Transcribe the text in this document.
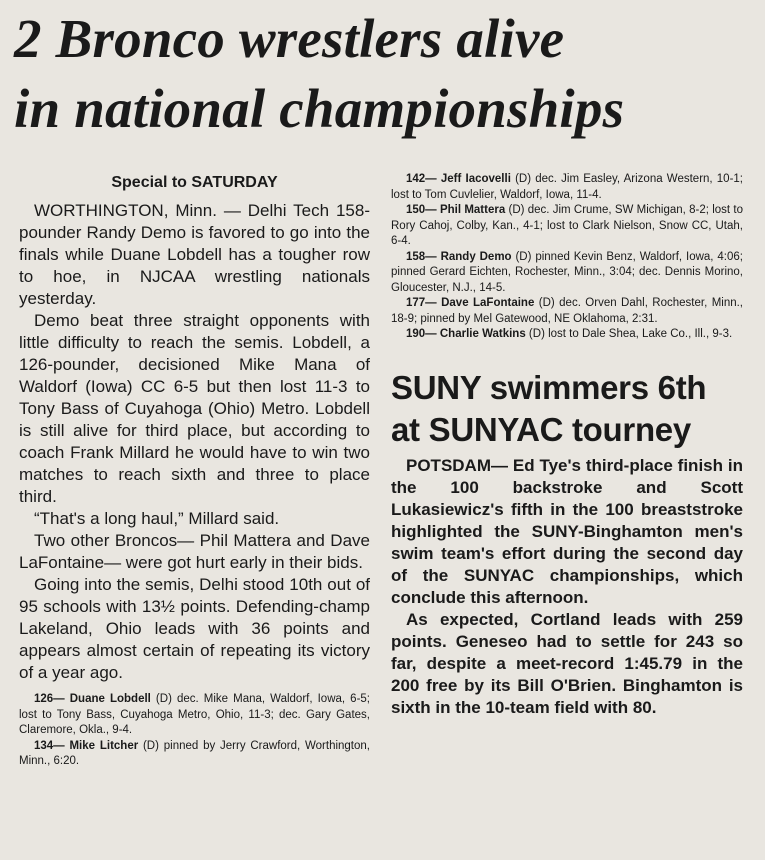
2 Bronco wrestlers alive
in national championships
Special to SATURDAY

WORTHINGTON, Minn. — Delhi Tech 158-pounder Randy Demo is favored to go into the finals while Duane Lobdell has a tougher row to hoe, in NJCAA wrestling nationals yesterday.

Demo beat three straight opponents with little difficulty to reach the semis. Lobdell, a 126-pounder, decisioned Mike Mana of Waldorf (Iowa) CC 6-5 but then lost 11-3 to Tony Bass of Cuyahoga (Ohio) Metro. Lobdell is still alive for third place, but according to coach Frank Millard he would have to win two matches to reach sixth and three to place third.

“That's a long haul,” Millard said.

Two other Broncos— Phil Mattera and Dave LaFontaine— were got hurt early in their bids.

Going into the semis, Delhi stood 10th out of 95 schools with 13½ points. Defending-champ Lakeland, Ohio leads with 36 points and appears almost certain of repeating its victory of a year ago.

126— Duane Lobdell (D) dec. Mike Mana, Waldorf, Iowa, 6-5; lost to Tony Bass, Cuyahoga Metro, Ohio, 11-3; dec. Gary Gates, Claremore, Okla., 9-4.

134— Mike Litcher (D) pinned by Jerry Crawford, Worthington, Minn., 6:20.

142— Jeff Iacovelli (D) dec. Jim Easley, Arizona Western, 10-1; lost to Tom Cuvlelier, Waldorf, Iowa, 11-4.

150— Phil Mattera (D) dec. Jim Crume, SW Michigan, 8-2; lost to Rory Cahoj, Colby, Kan., 4-1; lost to Clark Nielson, Snow CC, Utah, 6-4.

158— Randy Demo (D) pinned Kevin Benz, Waldorf, Iowa, 4:06; pinned Gerard Eichten, Rochester, Minn., 3:04; dec. Dennis Morino, Gloucester, N.J., 14-5.

177— Dave LaFontaine (D) dec. Orven Dahl, Rochester, Minn., 18-9; pinned by Mel Gatewood, NE Oklahoma, 2:31.

190— Charlie Watkins (D) lost to Dale Shea, Lake Co., Ill., 9-3.

SUNY swimmers 6th
at SUNYAC tourney

POTSDAM— Ed Tye's third-place finish in the 100 backstroke and Scott Lukasiewicz's fifth in the 100 breaststroke highlighted the SUNY-Binghamton men's swim team's effort during the second day of the SUNYAC championships, which conclude this afternoon.

As expected, Cortland leads with 259 points. Geneseo had to settle for 243 so far, despite a meet-record 1:45.79 in the 200 free by its Bill O'Brien. Binghamton is sixth in the 10-team field with 80.
